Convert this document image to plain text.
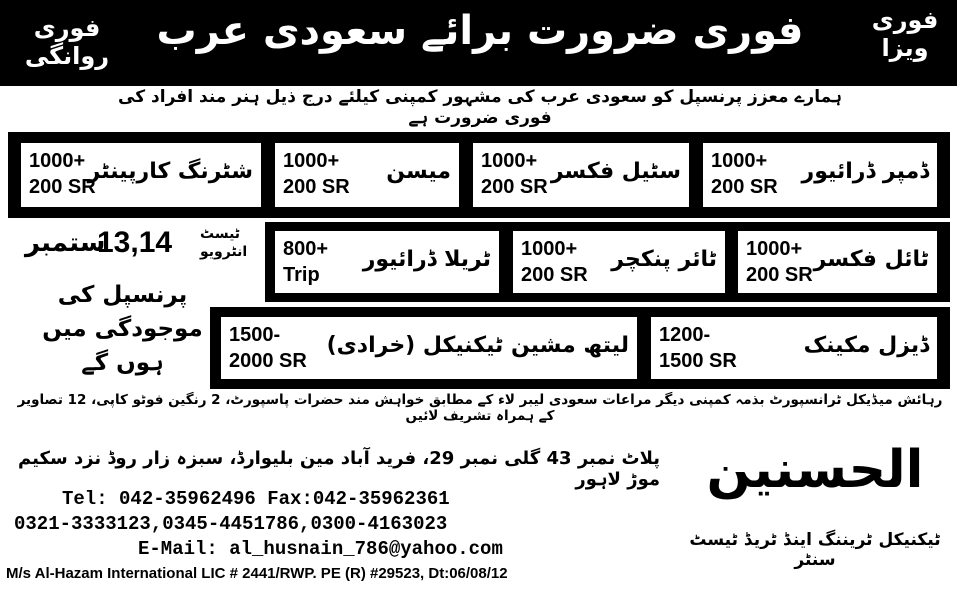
فوری ضرورت برائے سعودی عرب
فوری روانگی
فوری ویزا
ہمارے معزز پرنسپل کو سعودی عرب کی مشہور کمپنی کیلئے درج ذیل ہنر مند افراد کی فوری ضرورت ہے
ڈمپر ڈرائیور
1000+
200 SR
سٹیل فکسر
1000+
200 SR
میسن
1000+
200 SR
شٹرنگ کارپینٹر
1000+
200 SR
ٹائل فکسر
1000+
200 SR
ٹائر پنکچر
1000+
200 SR
ٹریلا ڈرائیور
800+
Trip
ڈیزل مکینک
1200-
1500 SR
لیتھ مشین ٹیکنیکل (خرادی)
1500-
2000 SR
ٹیسٹ
انٹرویو
13,14
ستمبر
پرنسپل کی موجودگی میں ہوں گے
رہائش میڈیکل ٹرانسپورٹ بذمہ کمپنی دیگر مراعات سعودی لیبر لاء کے مطابق خواہش مند حضرات پاسپورٹ، 2 رنگین فوٹو کاپی، 12 تصاویر کے ہمراہ تشریف لائیں
پلاٹ نمبر 43 گلی نمبر 29، فرید آباد مین بلیوارڈ، سبزہ زار روڈ نزد سکیم موڑ لاہور
Tel: 042-35962496 Fax:042-35962361
0321-3333123,0345-4451786,0300-4163023
E-Mail: al_husnain_786@yahoo.com
M/s Al-Hazam International LIC # 2441/RWP. PE (R) #29523, Dt:06/08/12
الحسنین
ٹیکنیکل ٹریننگ اینڈ ٹریڈ ٹیسٹ سنٹر
